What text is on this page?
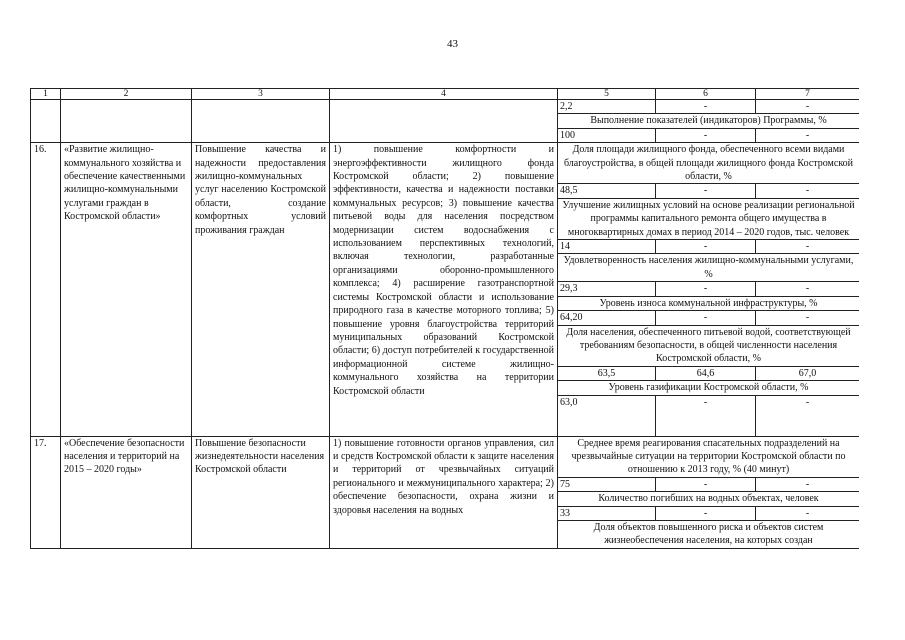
43
1	2	3	4	5	6	7
				2,2	-	-
				Выполнение показателей (индикаторов) Программы, %		
				100	-	-
16.	«Развитие жилищно-коммунального хозяйства и обеспечение качественными жилищно-коммунальными услугами граждан в Костромской области»	Повышение качества и надежности предоставления жилищно-коммунальных услуг населению Костромской области, создание комфортных условий проживания граждан	1) повышение комфортности и энергоэффективности жилищного фонда Костромской области; 2) повышение эффективности, качества и надежности поставки коммунальных ресурсов; 3) повышение качества питьевой воды для населения посредством модернизации систем водоснабжения с использованием перспективных технологий, включая технологии, разработанные организациями оборонно-промышленного комплекса; 4) расширение газотранспортной системы Костромской области и использование природного газа в качестве моторного топлива; 5) повышение уровня благоустройства территорий муниципальных образований Костромской области; 6) доступ потребителей к государственной информационной системе жилищно-коммунального хозяйства на территории Костромской области	Доля площади жилищного фонда, обеспеченного всеми видами благоустройства, в общей площади жилищного фонда Костромской области, %		
				48,5	-	-
				Улучшение жилищных условий на основе реализации региональной программы капитального ремонта общего имущества в многоквартирных домах в период 2014 – 2020 годов, тыс. человек		
				14	-	-
				Удовлетворенность населения жилищно-коммунальными услугами, %		
				29,3	-	-
				Уровень износа коммунальной инфраструктуры, %		
				64,20	-	-
				Доля населения, обеспеченного питьевой водой, соответствующей требованиям безопасности, в общей численности населения Костромской области, %		
				63,5	64,6	67,0
				Уровень газификации Костромской области, %		
				63,0	-	-
17.	«Обеспечение безопасности населения и территорий на 2015 – 2020 годы»	Повышение безопасности жизнедеятельности населения Костромской области	1) повышение готовности органов управления, сил и средств Костромской области к защите населения и территорий от чрезвычайных ситуаций регионального и межмуниципального характера; 2) обеспечение безопасности, охрана жизни и здоровья населения на водных	Среднее время реагирования спасательных подразделений на чрезвычайные ситуации на территории Костромской области по отношению к 2013 году, % (40 минут)		
				75	-	-
				Количество погибших на водных объектах, человек		
				33	-	-
				Доля объектов повышенного риска и объектов систем жизнеобеспечения населения, на которых создан		
